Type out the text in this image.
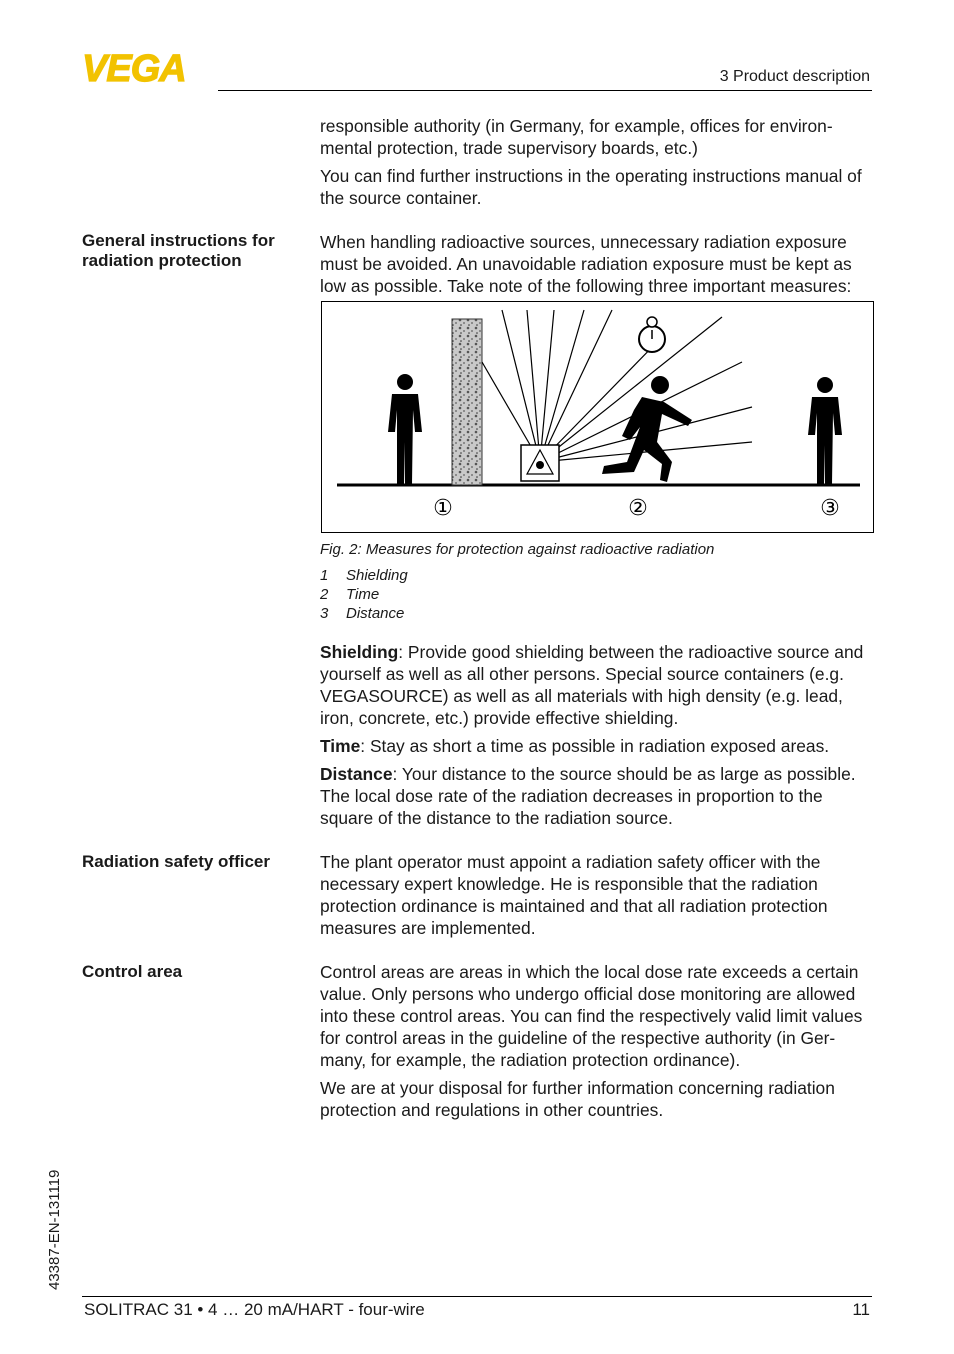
VEGA	3 Product description

responsible authority (in Germany, for example, offices for environ-mental protection, trade supervisory boards, etc.)

You can find further instructions in the operating instructions manual of the source container.

General instructions for radiation protection

When handling radioactive sources, unnecessary radiation exposure must be avoided. An unavoidable radiation exposure must be kept as low as possible. Take note of the following three important measures:

①	②	③
Fig. 2: Measures for protection against radioactive radiation
1 Shielding
2 Time
3 Distance

Shielding: Provide good shielding between the radioactive source and yourself as well as all other persons. Special source containers (e.g. VEGASOURCE) as well as all materials with high density (e.g. lead, iron, concrete, etc.) provide effective shielding.

Time: Stay as short a time as possible in radiation exposed areas.

Distance: Your distance to the source should be as large as possible. The local dose rate of the radiation decreases in proportion to the square of the distance to the radiation source.

Radiation safety officer	The plant operator must appoint a radiation safety officer with the necessary expert knowledge. He is responsible that the radiation protection ordinance is maintained and that all radiation protection measures are implemented.

Control area	Control areas are areas in which the local dose rate exceeds a certain value. Only persons who undergo official dose monitoring are allowed into these control areas. You can find the respectively valid limit values for control areas in the guideline of the respective authority (in Ger-many, for example, the radiation protection ordinance).

We are at your disposal for further information concerning radiation protection and regulations in other countries.

43387-EN-131119
SOLITRAC 31 • 4 … 20 mA/HART - four-wire	11
